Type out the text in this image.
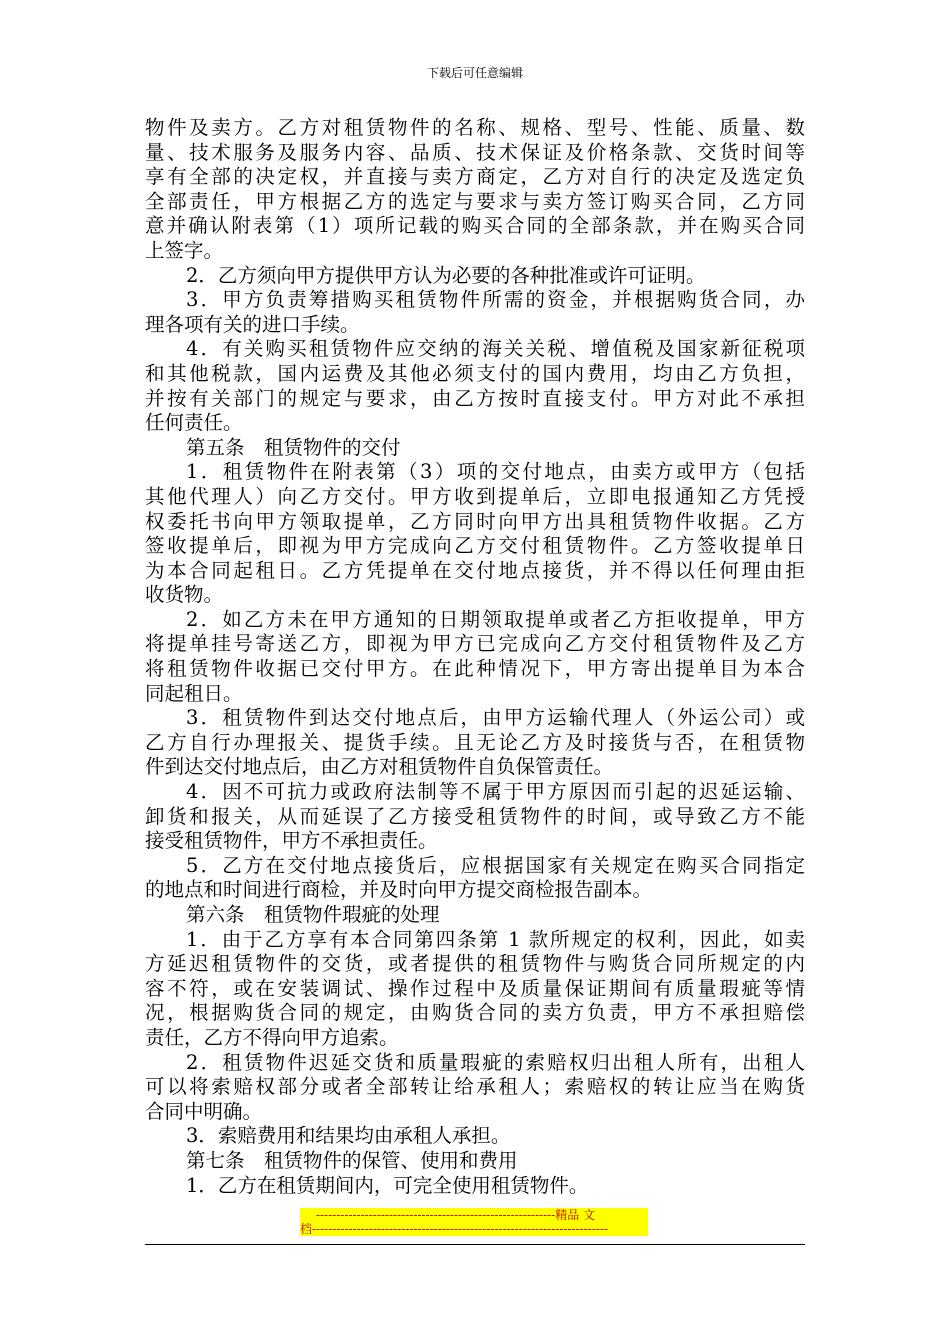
下载后可任意编辑
物件及卖方。乙方对租赁物件的名称、规格、型号、性能、质量、数
量、技术服务及服务内容、品质、技术保证及价格条款、交货时间等
享有全部的决定权，并直接与卖方商定，乙方对自行的决定及选定负
全部责任，甲方根据乙方的选定与要求与卖方签订购买合同，乙方同
意并确认附表第（1）项所记载的购买合同的全部条款，并在购买合同
上签字。
2．乙方须向甲方提供甲方认为必要的各种批准或许可证明。
3．甲方负责筹措购买租赁物件所需的资金，并根据购货合同，办
理各项有关的进口手续。
4．有关购买租赁物件应交纳的海关关税、增值税及国家新征税项
和其他税款，国内运费及其他必须支付的国内费用，均由乙方负担，
并按有关部门的规定与要求，由乙方按时直接支付。甲方对此不承担
任何责任。
第五条　租赁物件的交付
1．租赁物件在附表第（3）项的交付地点，由卖方或甲方（包括
其他代理人）向乙方交付。甲方收到提单后，立即电报通知乙方凭授
权委托书向甲方领取提单，乙方同时向甲方出具租赁物件收据。乙方
签收提单后，即视为甲方完成向乙方交付租赁物件。乙方签收提单日
为本合同起租日。乙方凭提单在交付地点接货，并不得以任何理由拒
收货物。
2．如乙方未在甲方通知的日期领取提单或者乙方拒收提单，甲方
将提单挂号寄送乙方，即视为甲方已完成向乙方交付租赁物件及乙方
将租赁物件收据已交付甲方。在此种情况下，甲方寄出提单目为本合
同起租日。
3．租赁物件到达交付地点后，由甲方运输代理人（外运公司）或
乙方自行办理报关、提货手续。且无论乙方及时接货与否，在租赁物
件到达交付地点后，由乙方对租赁物件自负保管责任。
4．因不可抗力或政府法制等不属于甲方原因而引起的迟延运输、
卸货和报关，从而延误了乙方接受租赁物件的时间，或导致乙方不能
接受租赁物件，甲方不承担责任。
5．乙方在交付地点接货后，应根据国家有关规定在购买合同指定
的地点和时间进行商检，并及时向甲方提交商检报告副本。
第六条　租赁物件瑕疵的处理
1．由于乙方享有本合同第四条第 1 款所规定的权利，因此，如卖
方延迟租赁物件的交货，或者提供的租赁物件与购货合同所规定的内
容不符，或在安装调试、操作过程中及质量保证期间有质量瑕疵等情
况，根据购货合同的规定，由购货合同的卖方负责，甲方不承担赔偿
责任，乙方不得向甲方追索。
2．租赁物件迟延交货和质量瑕疵的索赔权归出租人所有，出租人
可以将索赔权部分或者全部转让给承租人；索赔权的转让应当在购货
合同中明确。
3．索赔费用和结果均由承租人承担。
第七条　租赁物件的保管、使用和费用
1．乙方在租赁期间内，可完全使用租赁物件。
-----------------------------------------------------------精品 文
档-------------------------------------------------------------------------
